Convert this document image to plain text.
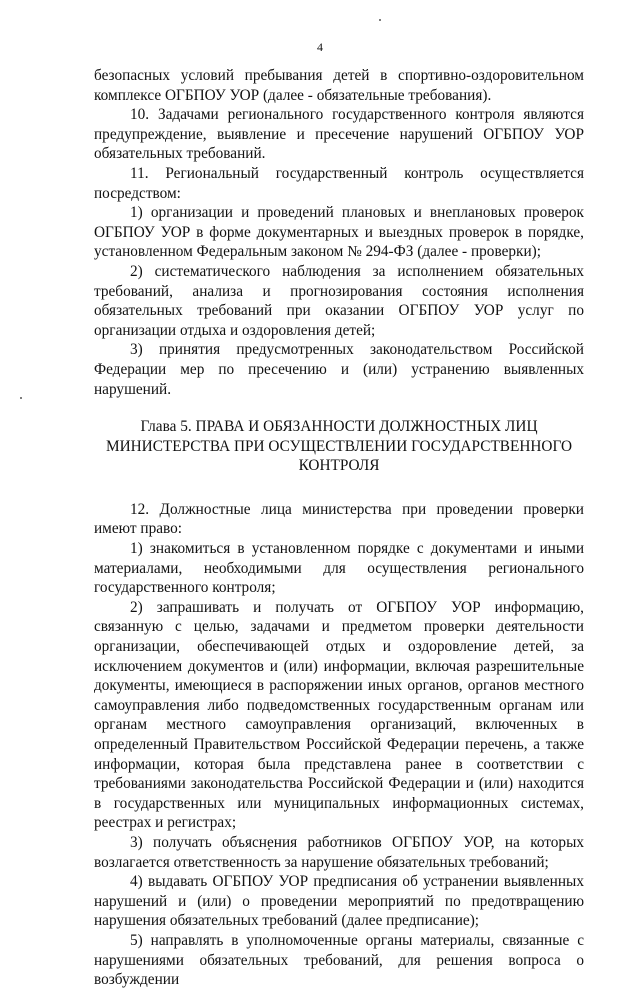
4

безопасных условий пребывания детей в спортивно-оздоровительном комплексе ОГБПОУ УОР (далее - обязательные требования).

10. Задачами регионального государственного контроля являются предупреждение, выявление и пресечение нарушений ОГБПОУ УОР обязательных требований.

11. Региональный государственный контроль осуществляется посредством:

1) организации и проведений плановых и внеплановых проверок ОГБПОУ УОР в форме документарных и выездных проверок в порядке, установленном Федеральным законом № 294-ФЗ (далее - проверки);

2) систематического наблюдения за исполнением обязательных требований, анализа и прогнозирования состояния исполнения обязательных требований при оказании ОГБПОУ УОР услуг по организации отдыха и оздоровления детей;

3) принятия предусмотренных законодательством Российской Федерации мер по пресечению и (или) устранению выявленных нарушений.

Глава 5. ПРАВА И ОБЯЗАННОСТИ ДОЛЖНОСТНЫХ ЛИЦ МИНИСТЕРСТВА ПРИ ОСУЩЕСТВЛЕНИИ ГОСУДАРСТВЕННОГО КОНТРОЛЯ

12. Должностные лица министерства при проведении проверки имеют право:

1) знакомиться в установленном порядке с документами и иными материалами, необходимыми для осуществления регионального государственного контроля;

2) запрашивать и получать от ОГБПОУ УОР информацию, связанную с целью, задачами и предметом проверки деятельности организации, обеспечивающей отдых и оздоровление детей, за исключением документов и (или) информации, включая разрешительные документы, имеющиеся в распоряжении иных органов, органов местного самоуправления либо подведомственных государственным органам или органам местного самоуправления организаций, включенных в определенный Правительством Российской Федерации перечень, а также информации, которая была представлена ранее в соответствии с требованиями законодательства Российской Федерации и (или) находится в государственных или муниципальных информационных системах, реестрах и регистрах;

3) получать объяснения работников ОГБПОУ УОР, на которых возлагается ответственность за нарушение обязательных требований;

4) выдавать ОГБПОУ УОР предписания об устранении выявленных нарушений и (или) о проведении мероприятий по предотвращению нарушения обязательных требований (далее предписание);

5) направлять в уполномоченные органы материалы, связанные с нарушениями обязательных требований, для решения вопроса о возбуждении
